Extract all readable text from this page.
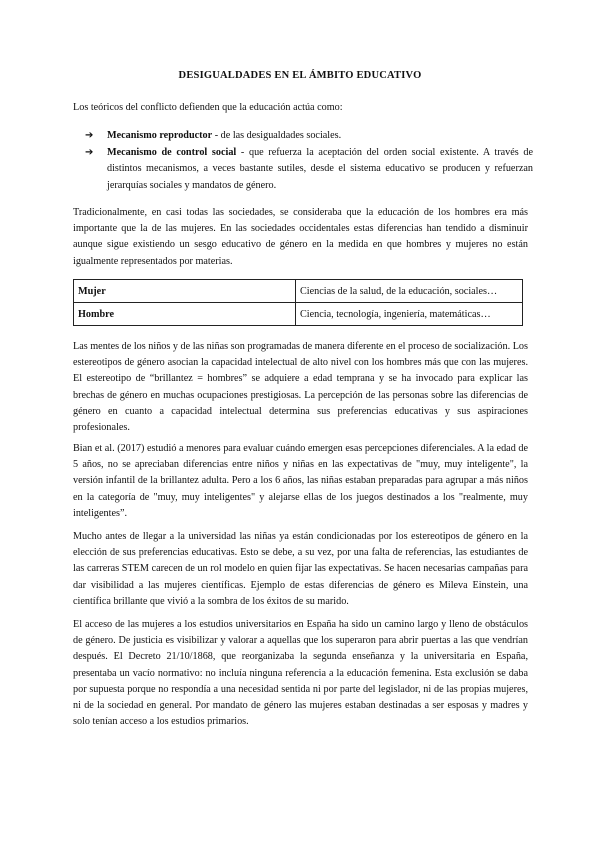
DESIGUALDADES EN EL ÁMBITO EDUCATIVO
Los teóricos del conflicto defienden que la educación actúa como:
➔	Mecanismo reproductor - de las desigualdades sociales.
➔	Mecanismo de control social - que refuerza la aceptación del orden social existente. A través de distintos mecanismos, a veces bastante sutiles, desde el sistema educativo se producen y refuerzan jerarquías sociales y mandatos de género.
Tradicionalmente, en casi todas las sociedades, se consideraba que la educación de los hombres era más importante que la de las mujeres. En las sociedades occidentales estas diferencias han tendido a disminuir aunque sigue existiendo un sesgo educativo de género en la medida en que hombres y mujeres no están igualmente representados por materias.
Mujer	Ciencias de la salud, de la educación, sociales…
Hombre	Ciencia, tecnología, ingeniería, matemáticas…
Las mentes de los niños y de las niñas son programadas de manera diferente en el proceso de socialización. Los estereotipos de género asocian la capacidad intelectual de alto nivel con los hombres más que con las mujeres. El estereotipo de “brillantez = hombres” se adquiere a edad temprana y se ha invocado para explicar las brechas de género en muchas ocupaciones prestigiosas. La percepción de las personas sobre las diferencias de género en cuanto a capacidad intelectual determina sus preferencias educativas y sus aspiraciones profesionales.
Bian et al. (2017) estudió a menores para evaluar cuándo emergen esas percepciones diferenciales. A la edad de 5 años, no se apreciaban diferencias entre niños y niñas en las expectativas de "muy, muy inteligente", la versión infantil de la brillantez adulta. Pero a los 6 años, las niñas estaban preparadas para agrupar a más niños en la categoría de "muy, muy inteligentes" y alejarse ellas de los juegos destinados a los "realmente, muy inteligentes”.
Mucho antes de llegar a la universidad las niñas ya están condicionadas por los estereotipos de género en la elección de sus preferencias educativas. Esto se debe, a su vez, por una falta de referencias, las estudiantes de las carreras STEM carecen de un rol modelo en quien fijar las expectativas. Se hacen necesarias campañas para dar visibilidad a las mujeres científicas. Ejemplo de estas diferencias de género es Mileva Einstein, una científica brillante que vivió a la sombra de los éxitos de su marido.
El acceso de las mujeres a los estudios universitarios en España ha sido un camino largo y lleno de obstáculos de género. De justicia es visibilizar y valorar a aquellas que los superaron para abrir puertas a las que vendrían después. El Decreto 21/10/1868, que reorganizaba la segunda enseñanza y la universitaria en España, presentaba un vacío normativo: no incluía ninguna referencia a la educación femenina. Esta exclusión se daba por supuesta porque no respondía a una necesidad sentida ni por parte del legislador, ni de las propias mujeres, ni de la sociedad en general. Por mandato de género las mujeres estaban destinadas a ser esposas y madres y solo tenían acceso a los estudios primarios.
